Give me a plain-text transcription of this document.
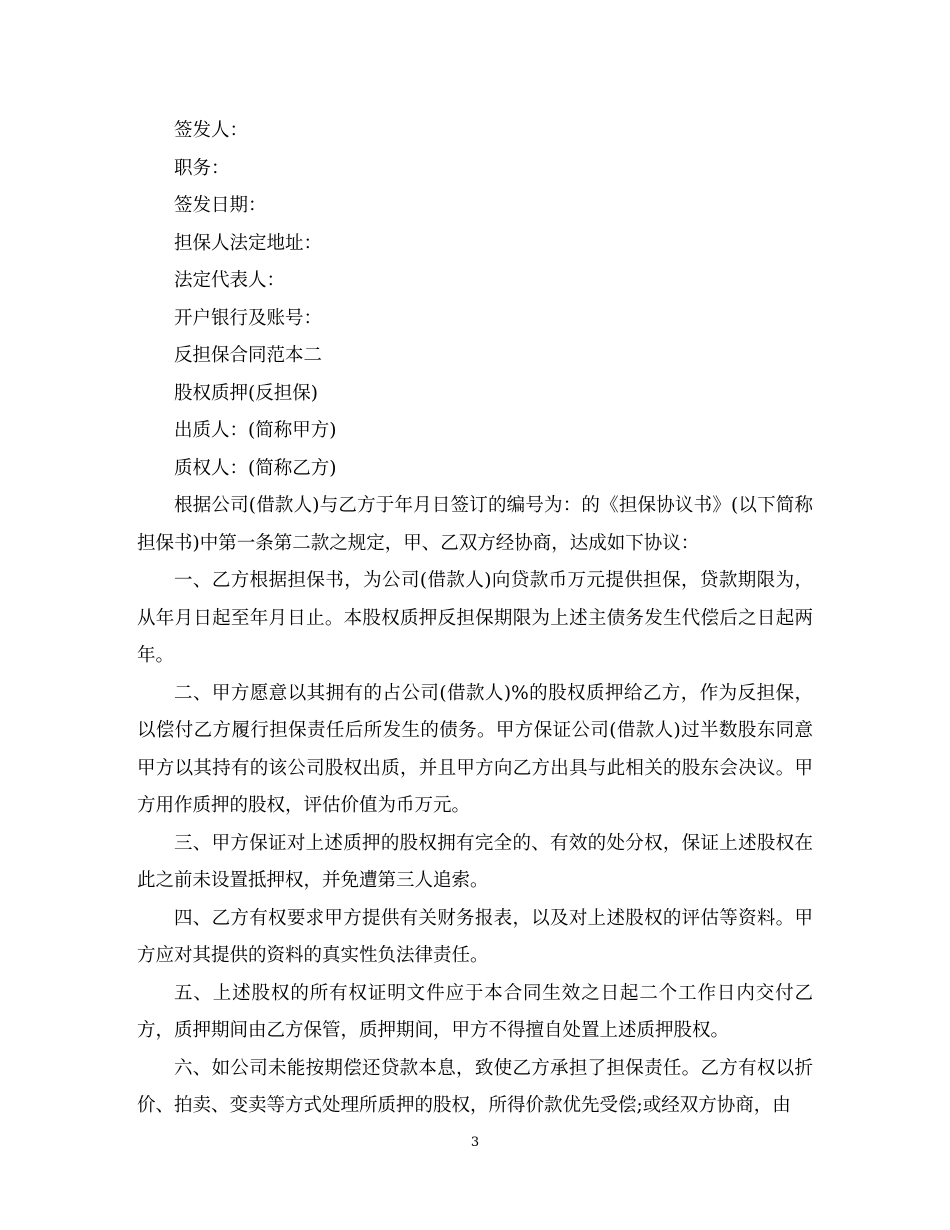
签发人：
职务：
签发日期：
担保人法定地址：
法定代表人：
开户银行及账号：
反担保合同范本二
股权质押(反担保)
出质人：(简称甲方)
质权人：(简称乙方)

根据公司(借款人)与乙方于年月日签订的编号为：的《担保协议书》(以下简称担保书)中第一条第二款之规定，甲、乙双方经协商，达成如下协议：

一、乙方根据担保书，为公司(借款人)向贷款币万元提供担保，贷款期限为，从年月日起至年月日止。本股权质押反担保期限为上述主债务发生代偿后之日起两年。

二、甲方愿意以其拥有的占公司(借款人)%的股权质押给乙方，作为反担保，以偿付乙方履行担保责任后所发生的债务。甲方保证公司(借款人)过半数股东同意甲方以其持有的该公司股权出质，并且甲方向乙方出具与此相关的股东会决议。甲方用作质押的股权，评估价值为币万元。

三、甲方保证对上述质押的股权拥有完全的、有效的处分权，保证上述股权在此之前未设置抵押权，并免遭第三人追索。

四、乙方有权要求甲方提供有关财务报表，以及对上述股权的评估等资料。甲方应对其提供的资料的真实性负法律责任。

五、上述股权的所有权证明文件应于本合同生效之日起二个工作日内交付乙方，质押期间由乙方保管，质押期间，甲方不得擅自处置上述质押股权。

六、如公司未能按期偿还贷款本息，致使乙方承担了担保责任。乙方有权以折价、拍卖、变卖等方式处理所质押的股权，所得价款优先受偿;或经双方协商，由

3
